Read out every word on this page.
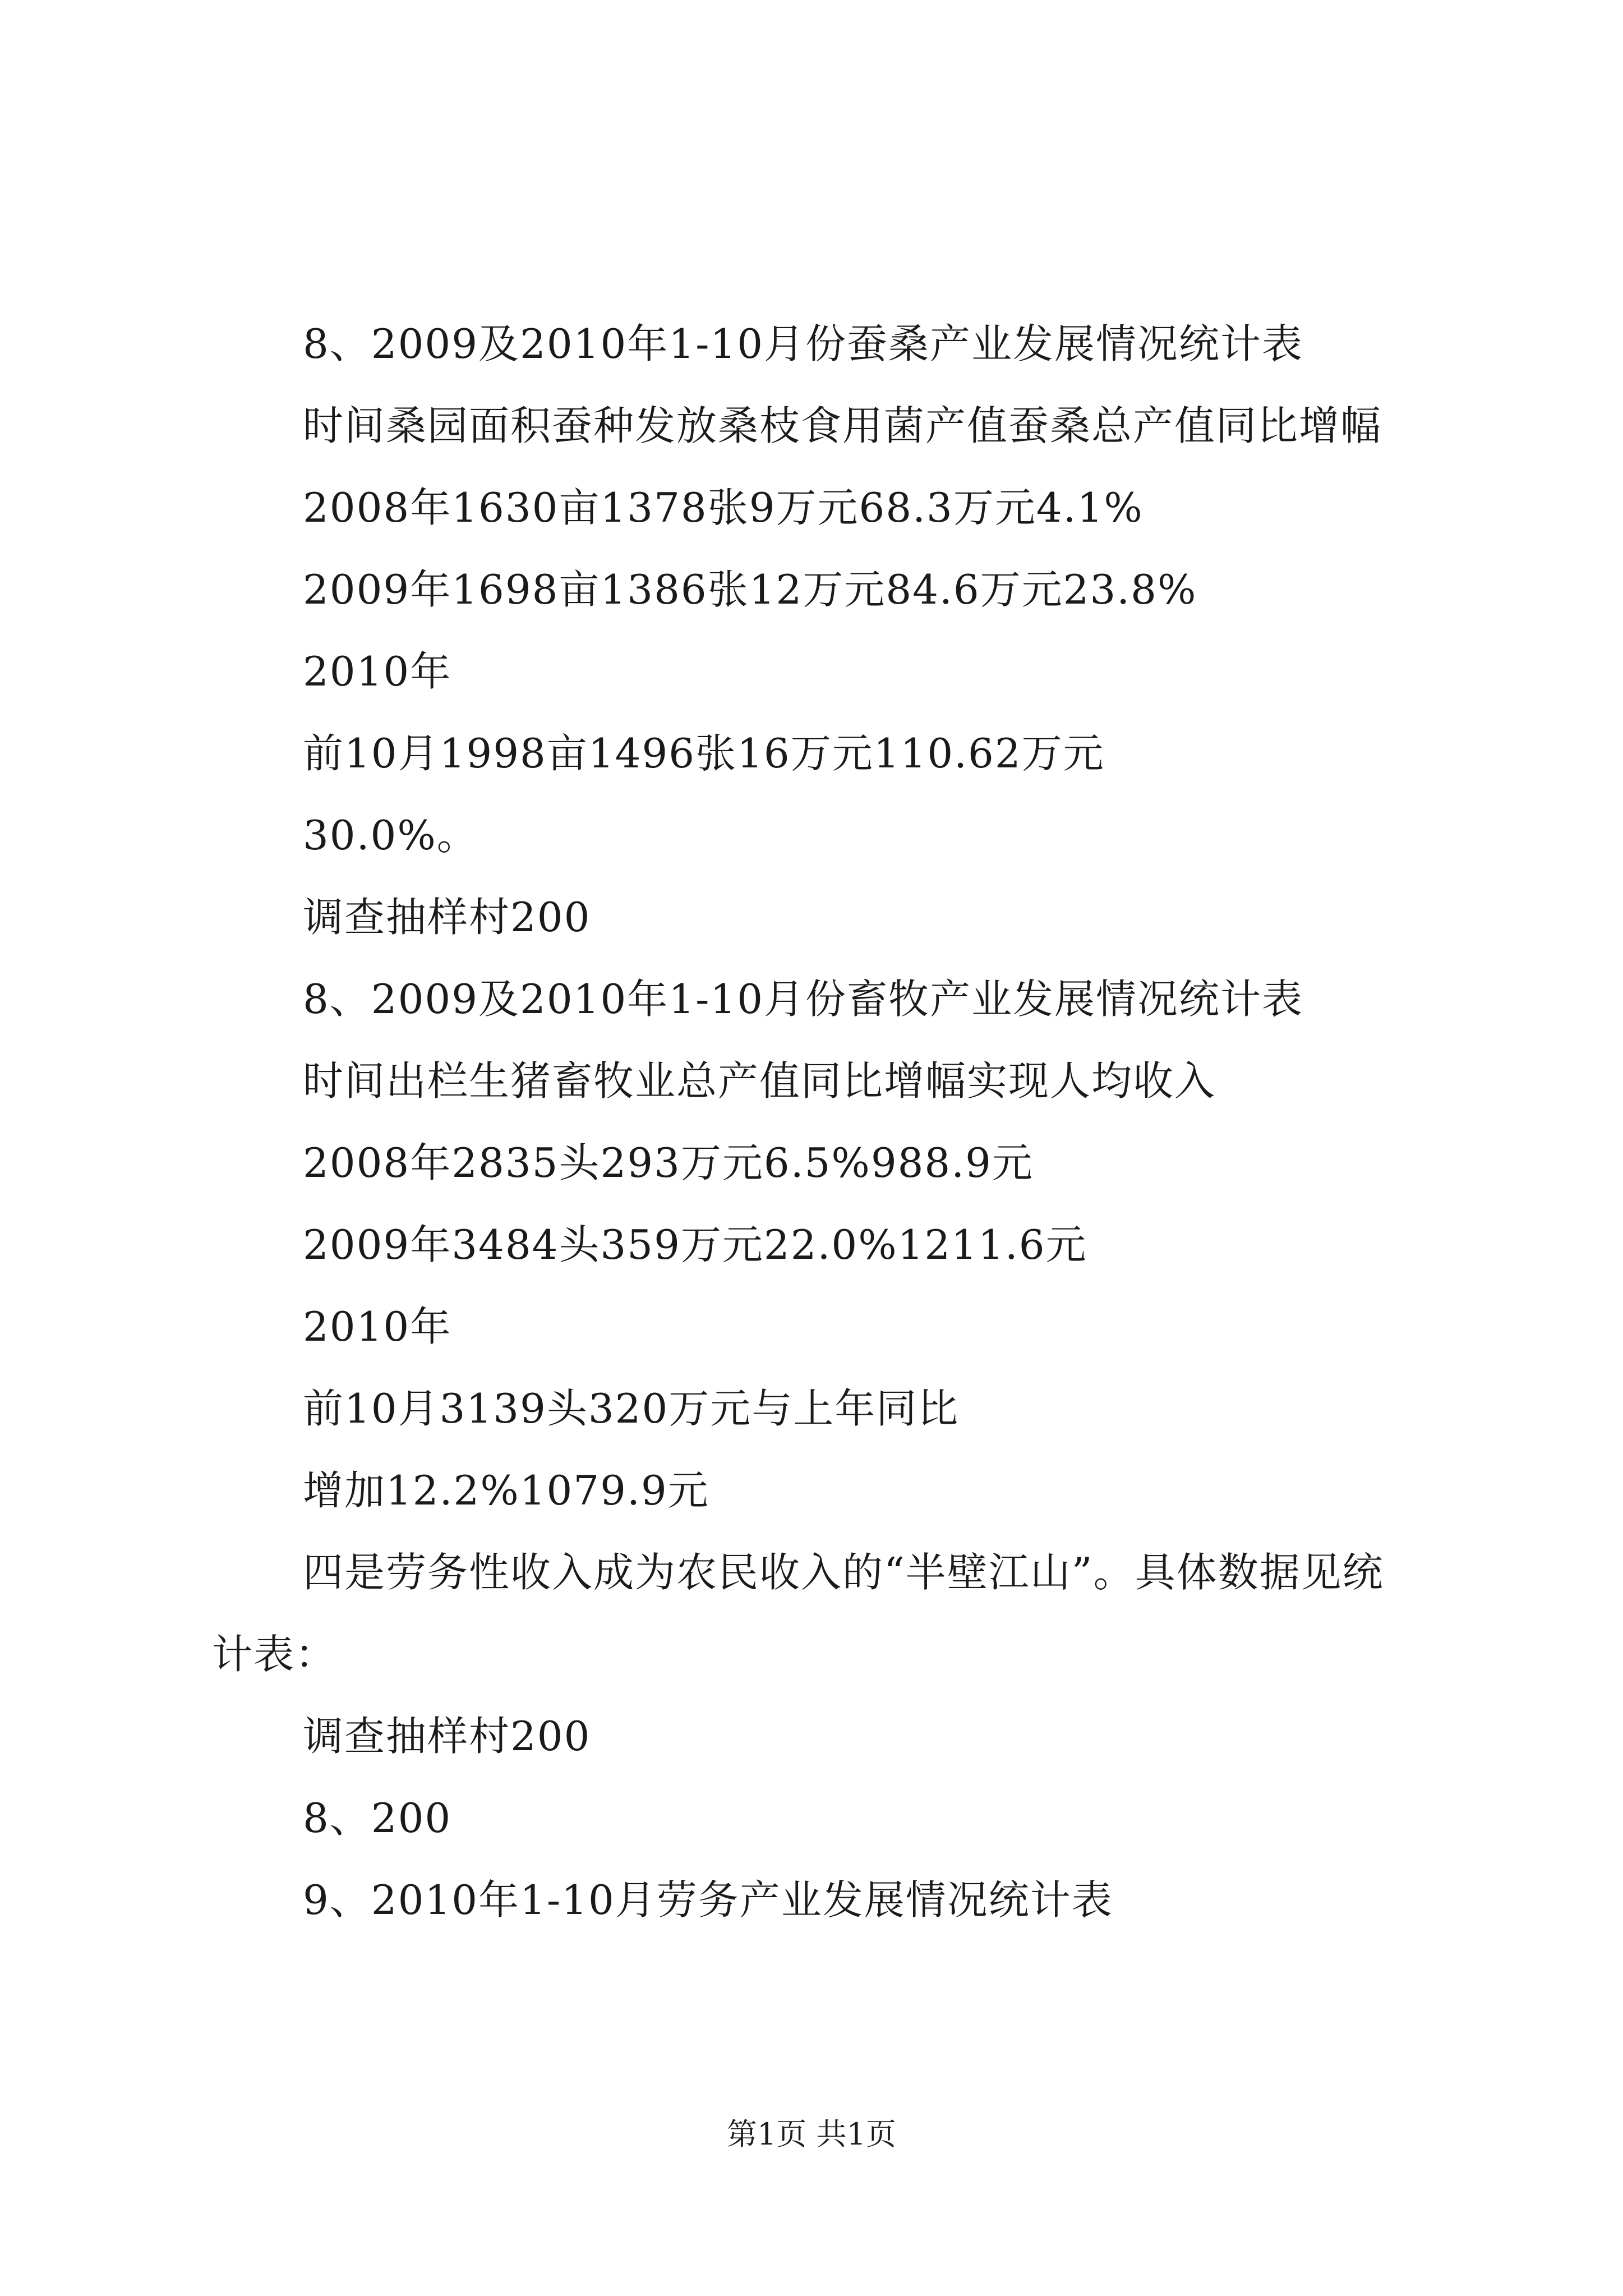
8、2009及2010年1-10月份蚕桑产业发展情况统计表

时间桑园面积蚕种发放桑枝食用菌产值蚕桑总产值同比增幅

2008年1630亩1378张9万元68.3万元4.1%

2009年1698亩1386张12万元84.6万元23.8%

2010年

前10月1998亩1496张16万元110.62万元

30.0%。

调查抽样村200

8、2009及2010年1-10月份畜牧产业发展情况统计表

时间出栏生猪畜牧业总产值同比增幅实现人均收入

2008年2835头293万元6.5%988.9元

2009年3484头359万元22.0%1211.6元

2010年

前10月3139头320万元与上年同比

增加12.2%1079.9元

四是劳务性收入成为农民收入的“半壁江山”。具体数据见统计表：

调查抽样村200

8、200

9、2010年1-10月劳务产业发展情况统计表

第1页 共1页
